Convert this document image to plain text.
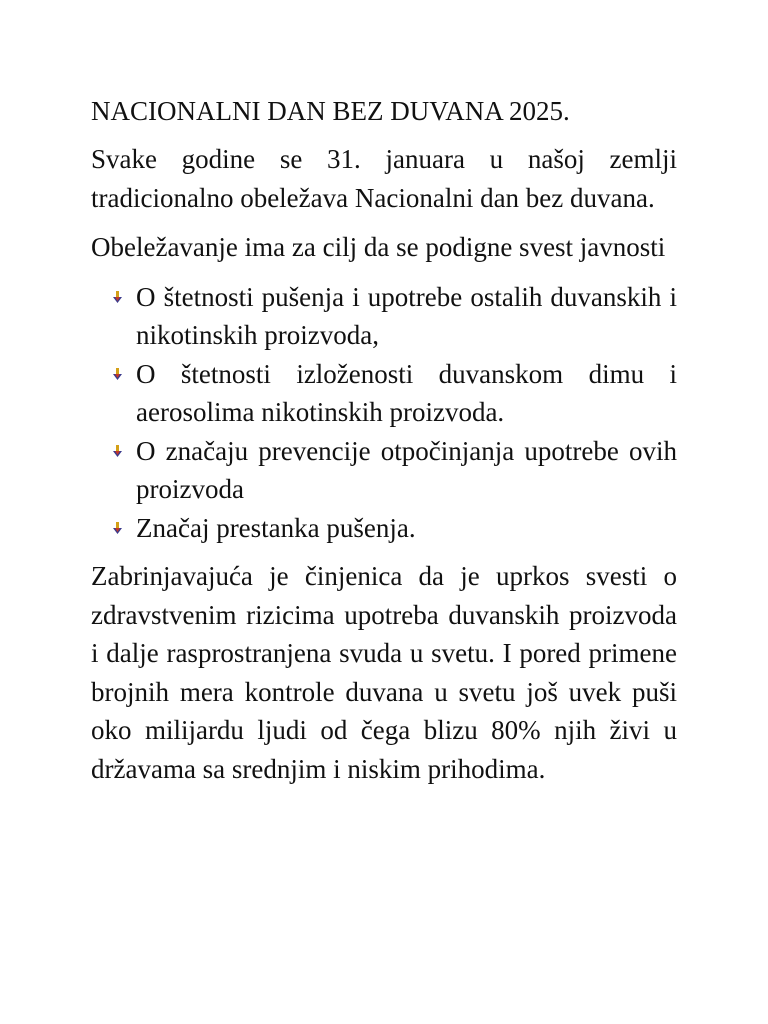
NACIONALNI DAN BEZ DUVANA 2025.

Svake godine se 31. januara u našoj zemlji tradicionalno obeležava Nacionalni dan bez duvana.

Obeležavanje ima za cilj da se podigne svest javnosti

O štetnosti pušenja i upotrebe ostalih duvanskih i nikotinskih proizvoda,
O štetnosti izloženosti duvanskom dimu i aerosolima nikotinskih proizvoda.
O značaju prevencije otpočinjanja upotrebe ovih proizvoda
Značaj prestanka pušenja.

Zabrinjavajuća je činjenica da je uprkos svesti o zdravstvenim rizicima upotreba duvanskih proizvoda i dalje rasprostranjena svuda u svetu. I pored primene brojnih mera kontrole duvana u svetu još uvek puši oko milijardu ljudi od čega blizu 80% njih živi u državama sa srednjim i niskim prihodima.
